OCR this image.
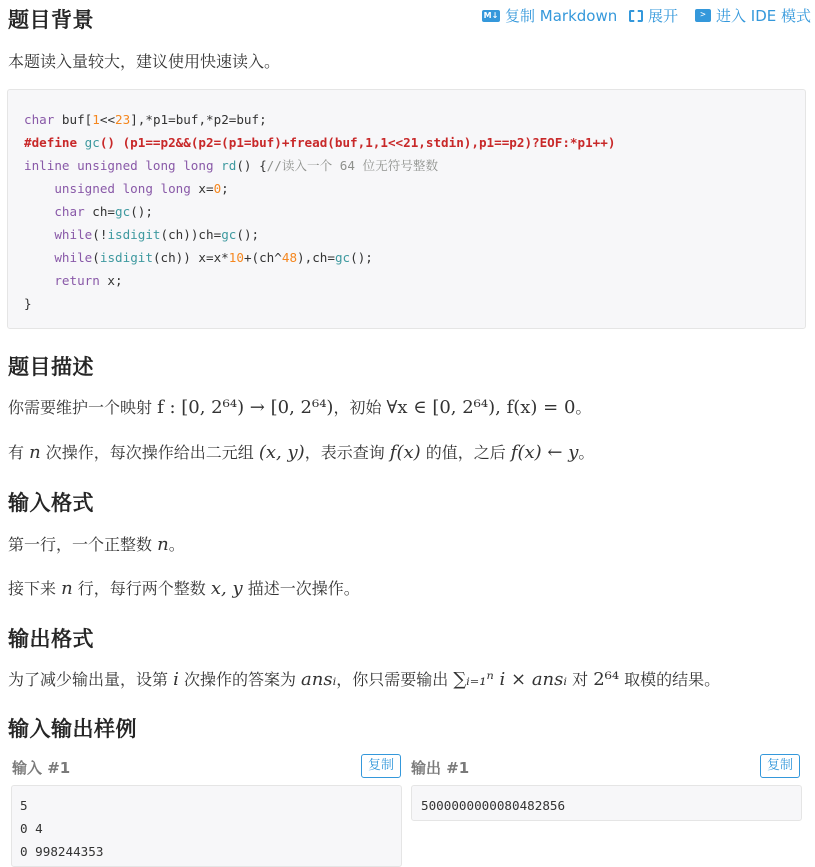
M↓ 复制 Markdown 展开	> 进入 IDE 模式
题目背景
本题读入量较大，建议使用快速读入。
char buf[1<<23],*p1=buf,*p2=buf;
#define gc() (p1==p2&&(p2=(p1=buf)+fread(buf,1,1<<21,stdin),p1==p2)?EOF:*p1++)
inline unsigned long long rd() {//读入一个 64 位无符号整数
unsigned long long x=0;
char ch=gc();
while(!isdigit(ch))ch=gc();
while(isdigit(ch)) x=x*10+(ch^48),ch=gc();
return x;
}
题目描述
你需要维护一个映射 f : [0, 2⁶⁴) → [0, 2⁶⁴)，初始 ∀x ∈ [0, 2⁶⁴), f(x) = 0。
有 n 次操作，每次操作给出二元组 (x, y)，表示查询 f(x) 的值，之后 f(x) ← y。
输入格式
第一行，一个正整数 n。
接下来 n 行，每行两个整数 x, y 描述一次操作。
输出格式
为了减少输出量，设第 i 次操作的答案为 ansᵢ，你只需要输出 ∑ᵢ₌₁ⁿ i × ansᵢ 对 2⁶⁴ 取模的结果。
输入输出样例
输入 #1	复制
5
0 4
0 998244353
输出 #1	复制
5000000000080482856
